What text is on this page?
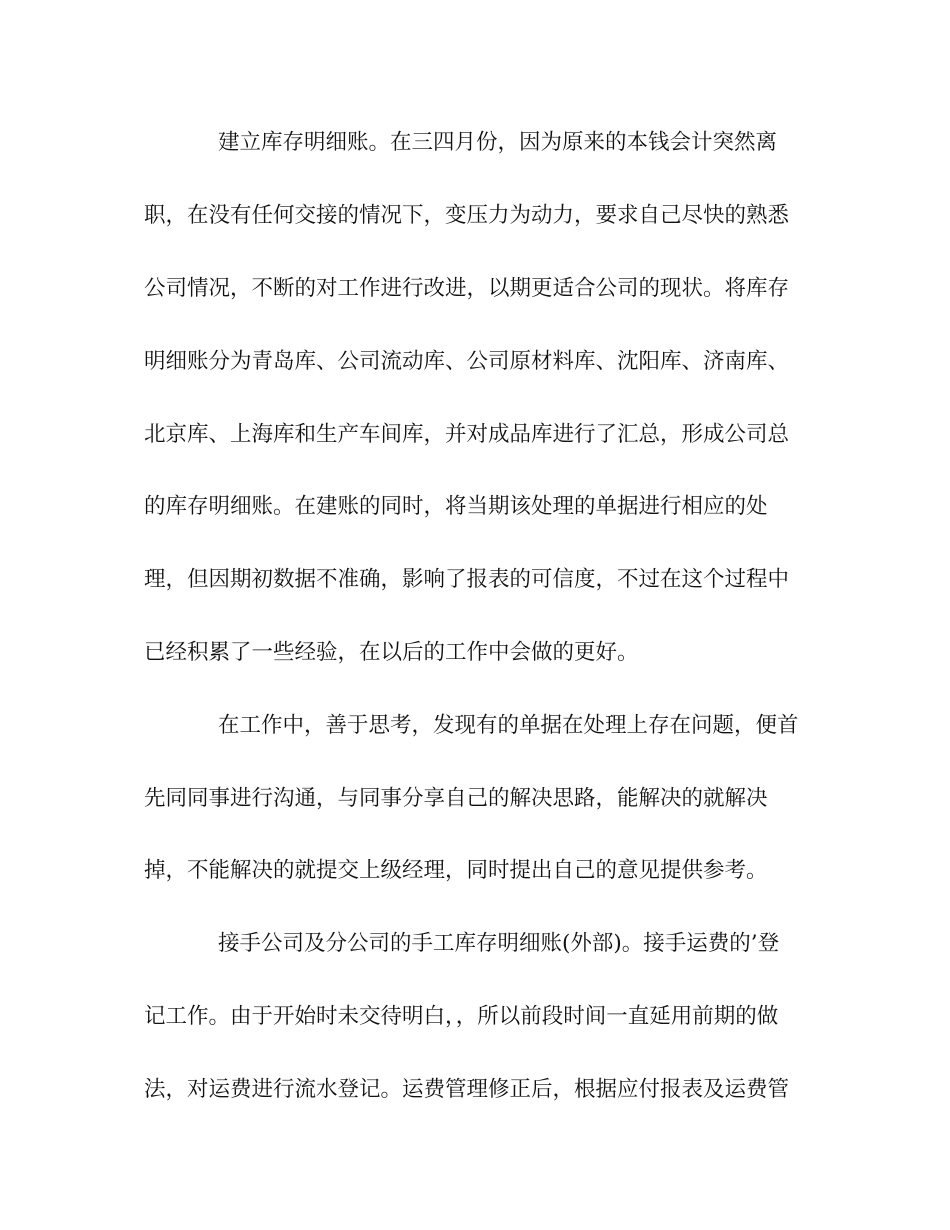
建立库存明细账。在三四月份，因为原来的本钱会计突然离
职，在没有任何交接的情况下，变压力为动力，要求自己尽快的熟悉
公司情况，不断的对工作进行改进，以期更适合公司的现状。将库存
明细账分为青岛库、公司流动库、公司原材料库、沈阳库、济南库、
北京库、上海库和生产车间库，并对成品库进行了汇总，形成公司总
的库存明细账。在建账的同时，将当期该处理的单据进行相应的处
理，但因期初数据不准确，影响了报表的可信度，不过在这个过程中
已经积累了一些经验，在以后的工作中会做的更好。
在工作中，善于思考，发现有的单据在处理上存在问题，便首
先同同事进行沟通，与同事分享自己的解决思路，能解决的就解决
掉，不能解决的就提交上级经理，同时提出自己的意见提供参考。
接手公司及分公司的手工库存明细账(外部)。接手运费的’登
记工作。由于开始时未交待明白，，所以前段时间一直延用前期的做
法，对运费进行流水登记。运费管理修正后，根据应付报表及运费管
